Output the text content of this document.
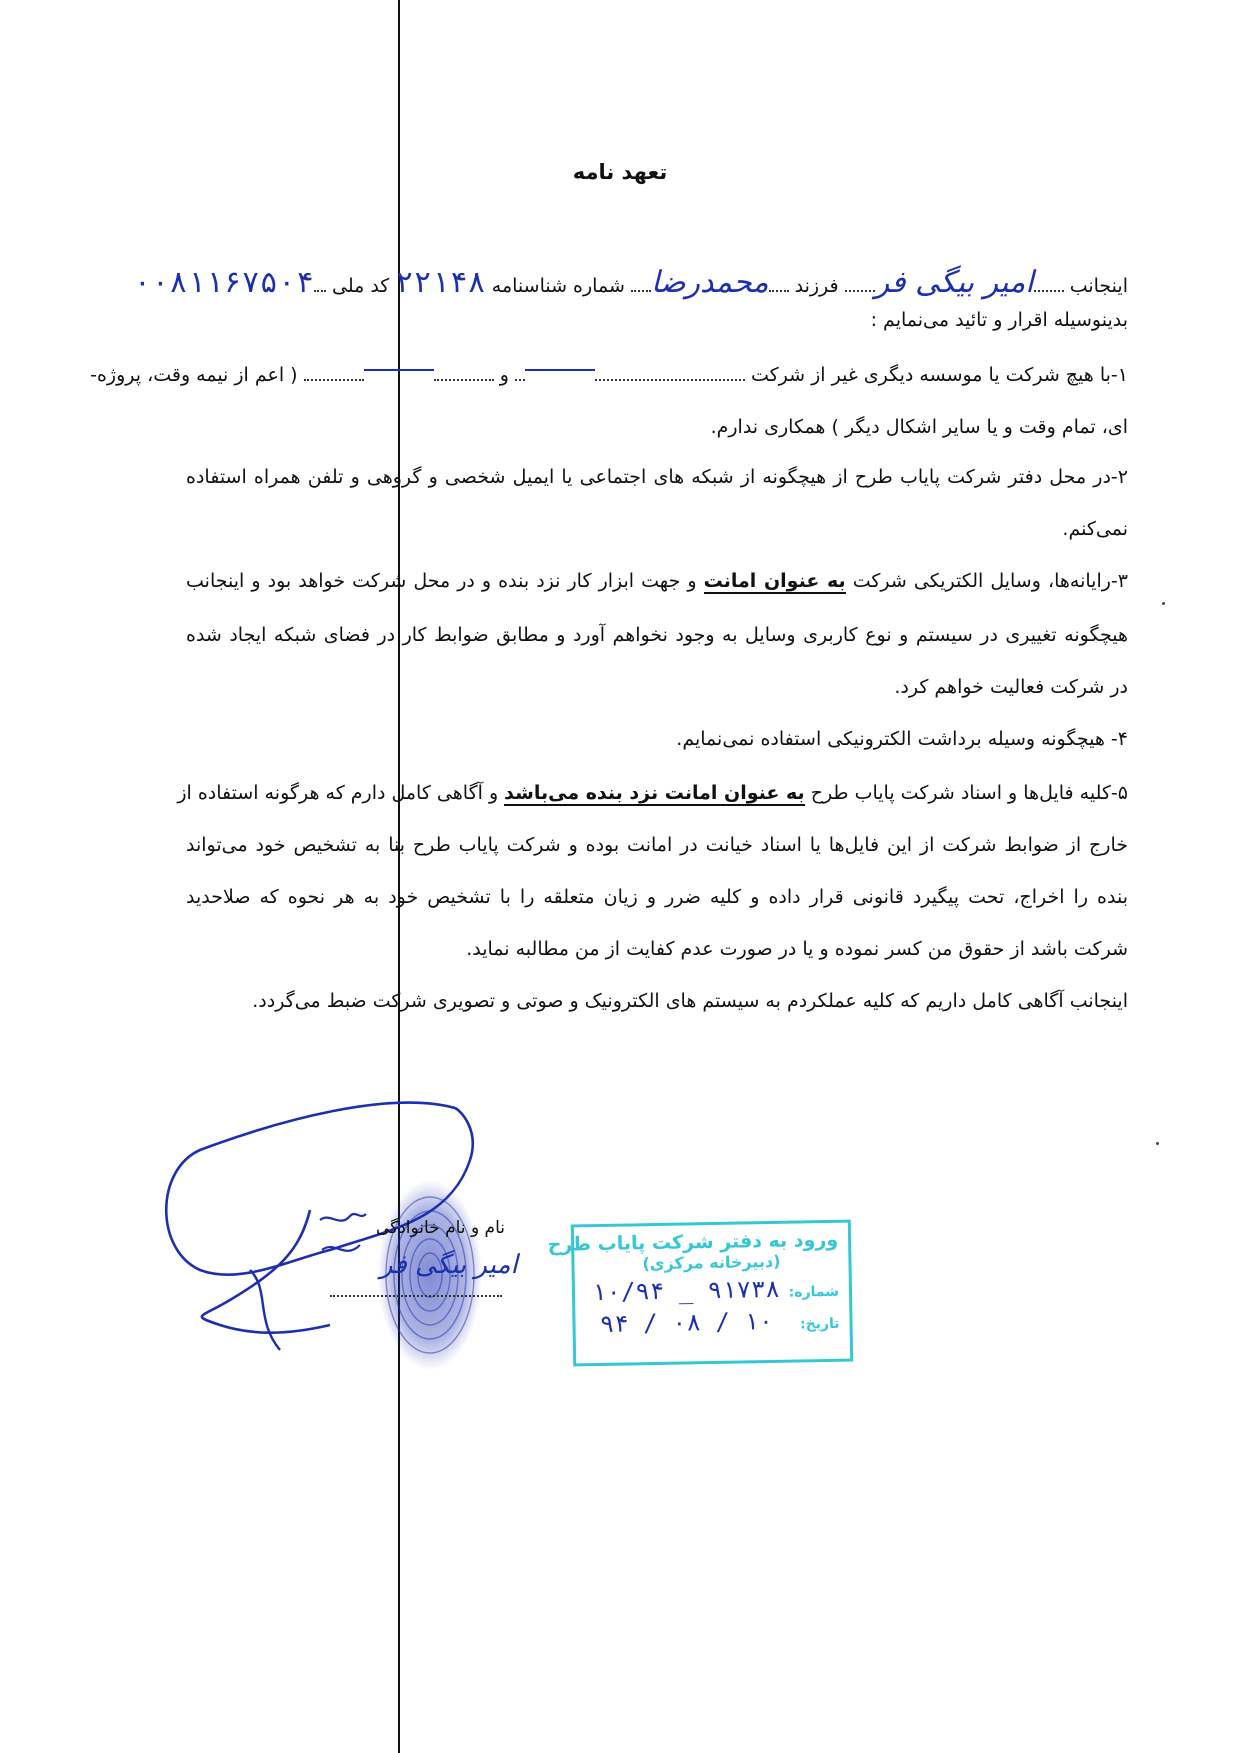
تعهد نامه
اینجانب امیر بیگی فر فرزند محمدرضا شماره شناسنامه ۲۲۱۴۸ کد ملی ۰۰۸۱۱۶۷۵۰۴
بدینوسیله اقرار و تائید می‌نمایم :
۱-با هیچ شرکت یا موسسه دیگری غیر از شرکت  و  ( اعم از نیمه وقت، پروژه-
ای، تمام وقت و یا سایر اشکال دیگر ) همکاری ندارم.
۲-در محل دفتر شرکت پایاب طرح از هیچگونه از شبکه های اجتماعی یا ایمیل شخصی و گروهی و تلفن همراه استفاده
نمی‌کنم.
۳-رایانه‌ها، وسایل الکتریکی شرکت به عنوان امانت و جهت ابزار کار نزد بنده و در محل شرکت خواهد بود و اینجانب
هیچگونه تغییری در سیستم و نوع کاربری وسایل به وجود نخواهم آورد و مطابق ضوابط کار در فضای شبکه ایجاد شده
در شرکت فعالیت خواهم کرد.
۴- هیچگونه وسیله برداشت الکترونیکی استفاده نمی‌نمایم.
۵-کلیه فایل‌ها و اسناد شرکت پایاب طرح به عنوان امانت نزد بنده می‌باشد و آگاهی کامل دارم که هرگونه استفاده از
خارج از ضوابط شرکت از این فایل‌ها یا اسناد خیانت در امانت بوده و شرکت پایاب طرح بنا به تشخیص خود می‌تواند
بنده را اخراج، تحت پیگیرد قانونی قرار داده و کلیه ضرر و زیان متعلقه را با تشخیص خود به هر نحوه که صلاحدید
شرکت باشد از حقوق من کسر نموده و یا در صورت عدم کفایت از من مطالبه نماید.
اینجانب آگاهی کامل داریم که کلیه عملکردم به سیستم های الکترونیک و صوتی و تصویری شرکت ضبط می‌گردد.
نام و نام خانوادگی
امیر بیگی فر
ورود به دفتر شرکت پایاب طرح
(دبیرخانه مرکزی)
شماره:
۱۰/۹۴ _ ۹۱۷۳۸
تاریخ:
۹۴ / ۰۸ / ۱۰
